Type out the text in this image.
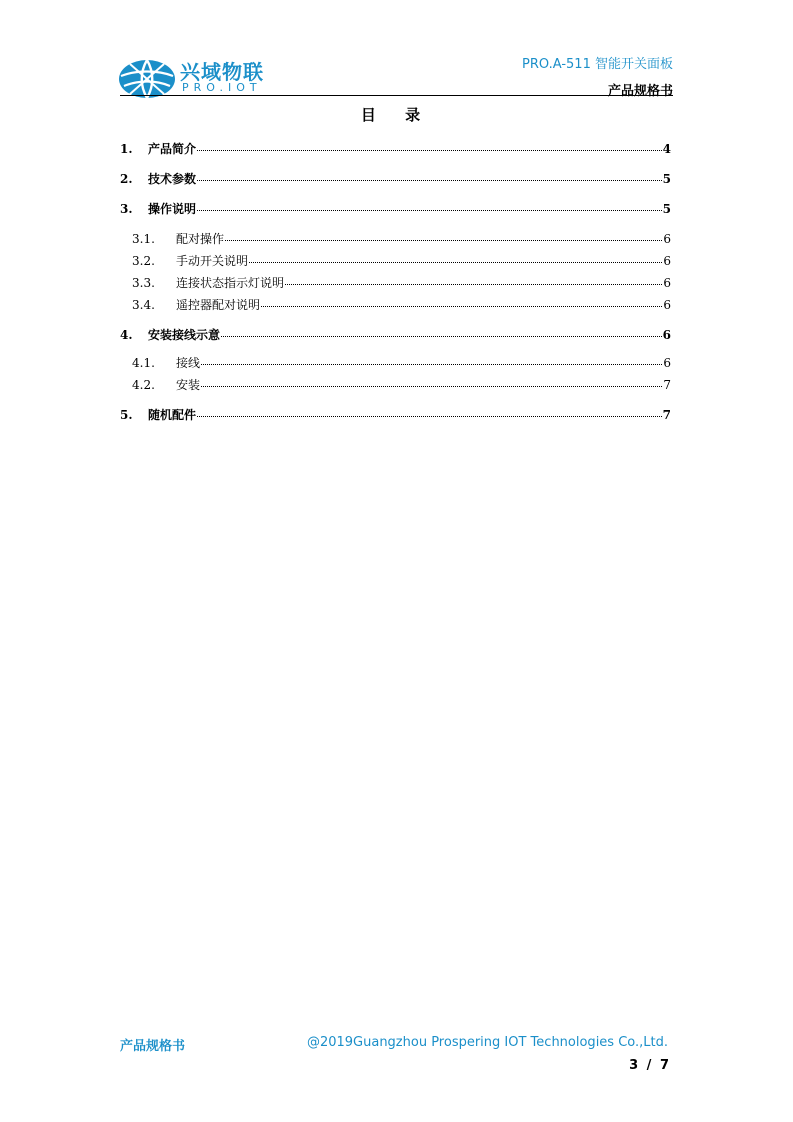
兴域物联
PRO.IOT
PRO.A-511 智能开关面板
产品规格书
目 录
1.	产品简介	4
2.	技术参数	5
3.	操作说明	5
3.1.	配对操作	6
3.2.	手动开关说明	6
3.3.	连接状态指示灯说明	6
3.4.	遥控器配对说明	6
4.	安装接线示意	6
4.1.	接线	6
4.2.	安装	7
5.	随机配件	7
产品规格书	@2019Guangzhou Prospering IOT Technologies Co.,Ltd.
3 / 7
